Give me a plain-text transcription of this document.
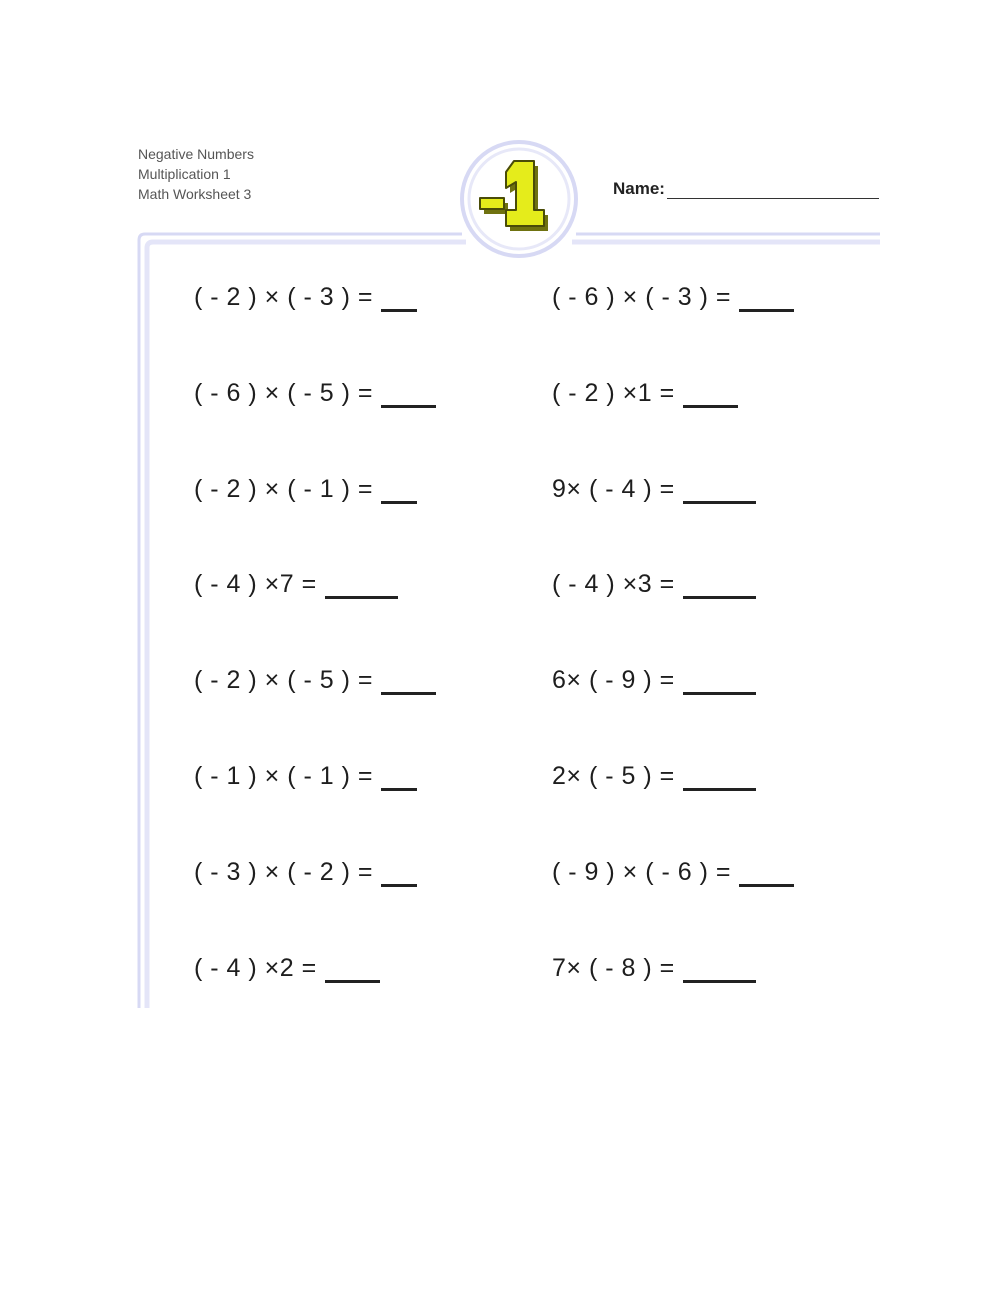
Negative Numbers
Multiplication 1
Math Worksheet 3	Name:
-1
( - 2 ) × ( - 3 ) =
( - 6 ) × ( - 5 ) =
( - 2 ) × ( - 1 ) =
( - 4 ) ×7 =
( - 2 ) × ( - 5 ) =
( - 1 ) × ( - 1 ) =
( - 3 ) × ( - 2 ) =
( - 4 ) ×2 =
( - 6 ) × ( - 3 ) =
( - 2 ) ×1 =
9× ( - 4 ) =
( - 4 ) ×3 =
6× ( - 9 ) =
2× ( - 5 ) =
( - 9 ) × ( - 6 ) =
7× ( - 8 ) =
